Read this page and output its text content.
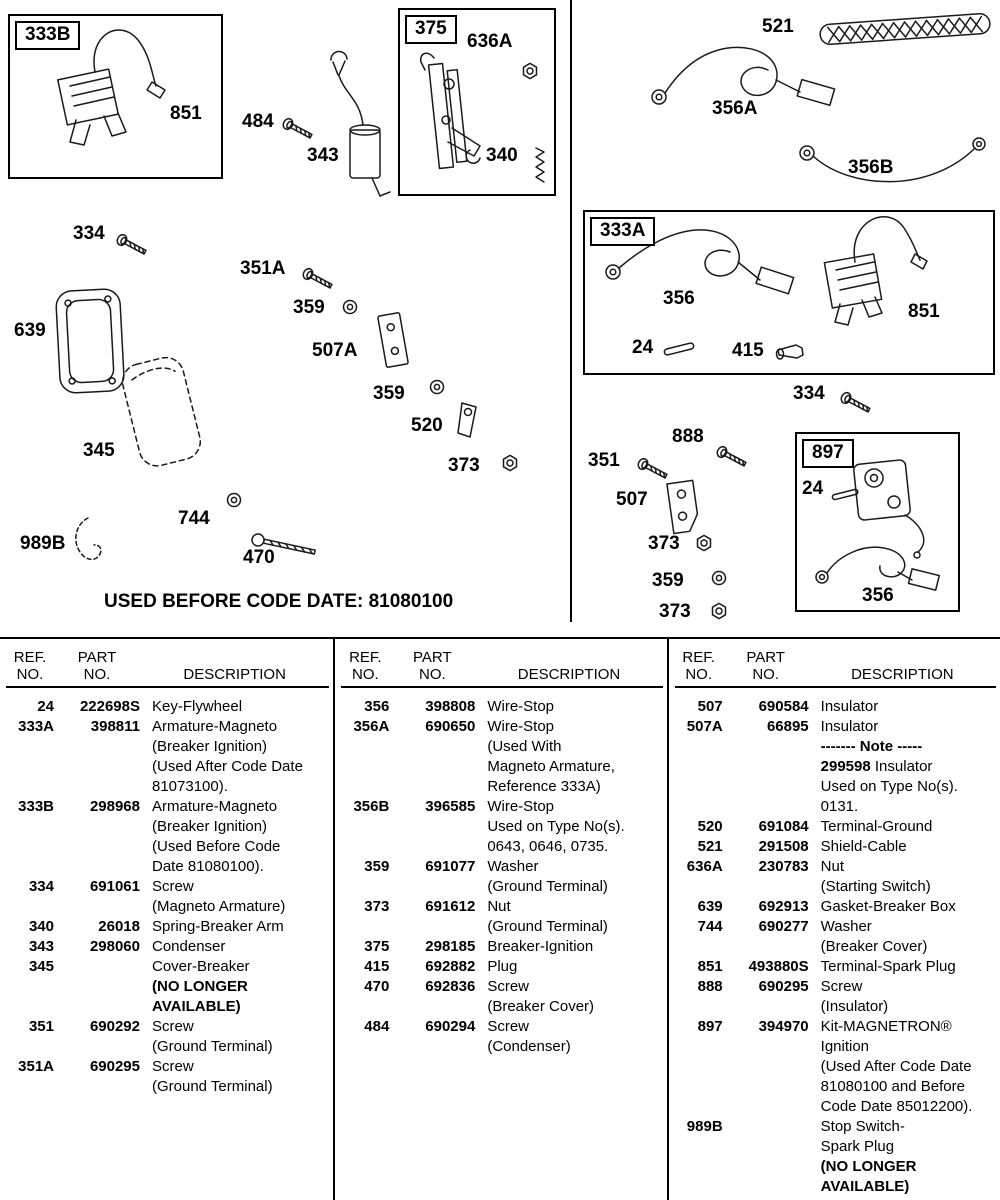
USED BEFORE CODE DATE: 81080100
333B	375
333A
897
851 484
343
636A
340
521
356A
356B
334
351A
359
507A
639
356
851
24	415
359
520
345
373
334
888
351
507
744
470
989B	373
359
373
24
356
REF.
NO.
PART
NO.	DESCRIPTION
24	222698S Key-Flywheel
333A	398811 Armature-Magneto
(Breaker Ignition)
(Used After Code Date
81073100).
333B	298968 Armature-Magneto
(Breaker Ignition)
(Used Before Code
Date 81080100).
334	691061 Screw
(Magneto Armature)
340	26018 Spring-Breaker Arm
343	298060 Condenser
345	Cover-Breaker
(NO LONGER
AVAILABLE)
351	690292 Screw
(Ground Terminal)
351A	690295 Screw
(Ground Terminal)
REF.
NO.
PART
NO.	DESCRIPTION
356	398808 Wire-Stop
356A	690650 Wire-Stop
(Used With
Magneto Armature,
Reference 333A)
356B	396585 Wire-Stop
Used on Type No(s).
0643, 0646, 0735.
359	691077 Washer
(Ground Terminal)
373	691612 Nut
(Ground Terminal)
375	298185 Breaker-Ignition
415	692882 Plug
470	692836 Screw
(Breaker Cover)
484	690294 Screw
(Condenser)
REF.
NO.
PART
NO.	DESCRIPTION
507	690584 Insulator
507A	66895 Insulator
------- Note -----
299598 Insulator
Used on Type No(s).
0131.
520	691084 Terminal-Ground
521	291508 Shield-Cable
636A	230783 Nut
(Starting Switch)
639	692913 Gasket-Breaker Box
744	690277 Washer
(Breaker Cover)
851	493880S Terminal-Spark Plug
888	690295 Screw
(Insulator)
897	394970 Kit-MAGNETRON®
Ignition
(Used After Code Date
81080100 and Before
Code Date 85012200).
989B	Stop Switch-
Spark Plug
(NO LONGER
AVAILABLE)
